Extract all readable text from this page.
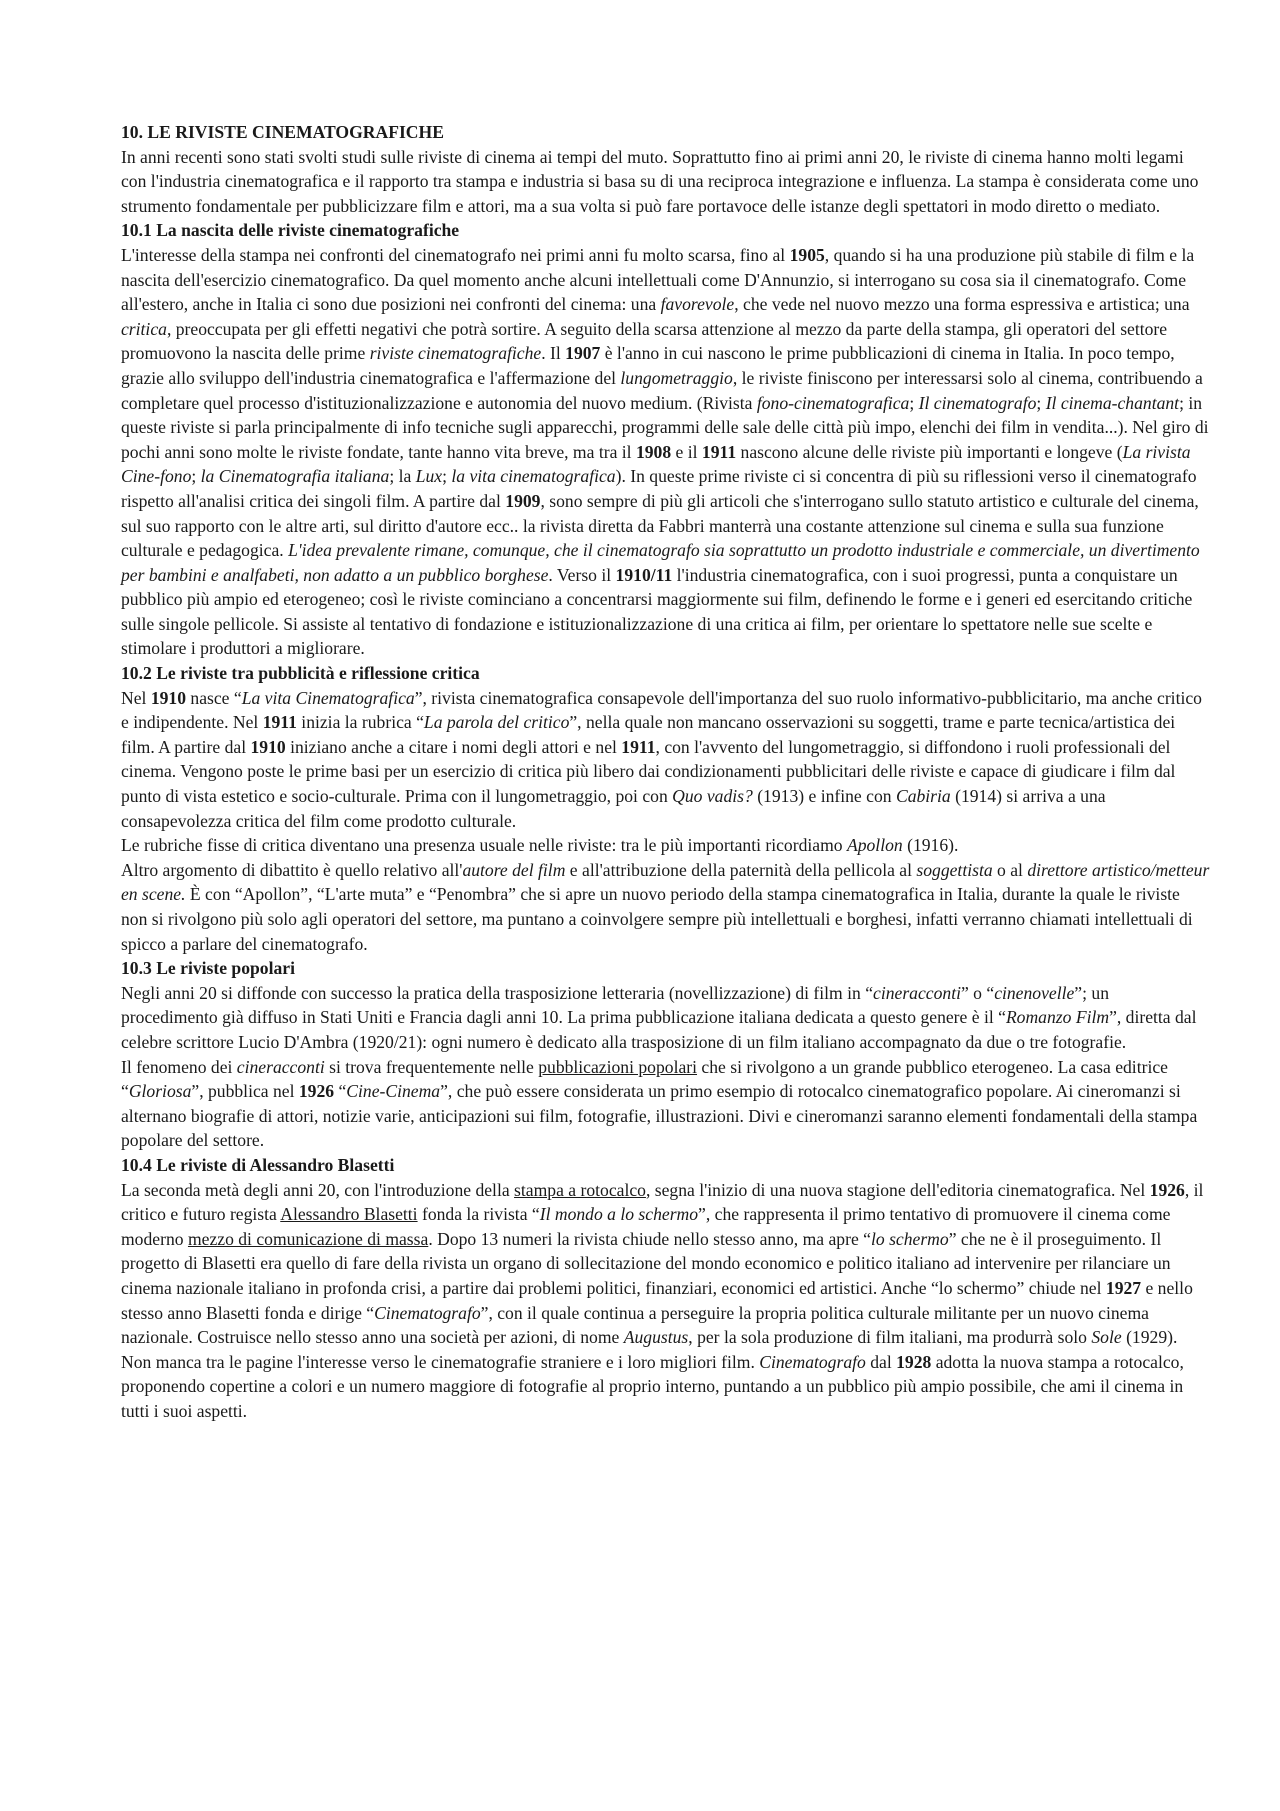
10. LE RIVISTE CINEMATOGRAFICHE

In anni recenti sono stati svolti studi sulle riviste di cinema ai tempi del muto. Soprattutto fino ai primi anni 20, le riviste di cinema hanno molti legami con l'industria cinematografica e il rapporto tra stampa e industria si basa su di una reciproca integrazione e influenza. La stampa è considerata come uno strumento fondamentale per pubblicizzare film e attori, ma a sua volta si può fare portavoce delle istanze degli spettatori in modo diretto o mediato.

10.1 La nascita delle riviste cinematografiche

L'interesse della stampa nei confronti del cinematografo nei primi anni fu molto scarsa, fino al 1905, quando si ha una produzione più stabile di film e la nascita dell'esercizio cinematografico. Da quel momento anche alcuni intellettuali come D'Annunzio, si interrogano su cosa sia il cinematografo. Come all'estero, anche in Italia ci sono due posizioni nei confronti del cinema: una favorevole, che vede nel nuovo mezzo una forma espressiva e artistica; una critica, preoccupata per gli effetti negativi che potrà sortire. A seguito della scarsa attenzione al mezzo da parte della stampa, gli operatori del settore promuovono la nascita delle prime riviste cinematografiche. Il 1907 è l'anno in cui nascono le prime pubblicazioni di cinema in Italia. In poco tempo, grazie allo sviluppo dell'industria cinematografica e l'affermazione del lungometraggio, le riviste finiscono per interessarsi solo al cinema, contribuendo a completare quel processo d'istituzionalizzazione e autonomia del nuovo medium. (Rivista fono-cinematografica; Il cinematografo; Il cinema-chantant; in queste riviste si parla principalmente di info tecniche sugli apparecchi, programmi delle sale delle città più impo, elenchi dei film in vendita...). Nel giro di pochi anni sono molte le riviste fondate, tante hanno vita breve, ma tra il 1908 e il 1911 nascono alcune delle riviste più importanti e longeve (La rivista Cine-fono; la Cinematografia italiana; la Lux; la vita cinematografica). In queste prime riviste ci si concentra di più su riflessioni verso il cinematografo rispetto all'analisi critica dei singoli film. A partire dal 1909, sono sempre di più gli articoli che s'interrogano sullo statuto artistico e culturale del cinema, sul suo rapporto con le altre arti, sul diritto d'autore ecc.. la rivista diretta da Fabbri manterrà una costante attenzione sul cinema e sulla sua funzione culturale e pedagogica. L'idea prevalente rimane, comunque, che il cinematografo sia soprattutto un prodotto industriale e commerciale, un divertimento per bambini e analfabeti, non adatto a un pubblico borghese. Verso il 1910/11 l'industria cinematografica, con i suoi progressi, punta a conquistare un pubblico più ampio ed eterogeneo; così le riviste cominciano a concentrarsi maggiormente sui film, definendo le forme e i generi ed esercitando critiche sulle singole pellicole. Si assiste al tentativo di fondazione e istituzionalizzazione di una critica ai film, per orientare lo spettatore nelle sue scelte e stimolare i produttori a migliorare.

10.2 Le riviste tra pubblicità e riflessione critica

Nel 1910 nasce “La vita Cinematografica”, rivista cinematografica consapevole dell'importanza del suo ruolo informativo-pubblicitario, ma anche critico e indipendente. Nel 1911 inizia la rubrica “La parola del critico”, nella quale non mancano osservazioni su soggetti, trame e parte tecnica/artistica dei film. A partire dal 1910 iniziano anche a citare i nomi degli attori e nel 1911, con l'avvento del lungometraggio, si diffondono i ruoli professionali del cinema. Vengono poste le prime basi per un esercizio di critica più libero dai condizionamenti pubblicitari delle riviste e capace di giudicare i film dal punto di vista estetico e socio-culturale. Prima con il lungometraggio, poi con Quo vadis? (1913) e infine con Cabiria (1914) si arriva a una consapevolezza critica del film come prodotto culturale.

Le rubriche fisse di critica diventano una presenza usuale nelle riviste: tra le più importanti ricordiamo Apollon (1916).

Altro argomento di dibattito è quello relativo all'autore del film e all'attribuzione della paternità della pellicola al soggettista o al direttore artistico/metteur en scene. È con “Apollon”, “L'arte muta” e “Penombra” che si apre un nuovo periodo della stampa cinematografica in Italia, durante la quale le riviste non si rivolgono più solo agli operatori del settore, ma puntano a coinvolgere sempre più intellettuali e borghesi, infatti verranno chiamati intellettuali di spicco a parlare del cinematografo.

10.3 Le riviste popolari

Negli anni 20 si diffonde con successo la pratica della trasposizione letteraria (novellizzazione) di film in “cineracconti” o “cinenovelle”; un procedimento già diffuso in Stati Uniti e Francia dagli anni 10. La prima pubblicazione italiana dedicata a questo genere è il “Romanzo Film”, diretta dal celebre scrittore Lucio D'Ambra (1920/21): ogni numero è dedicato alla trasposizione di un film italiano accompagnato da due o tre fotografie.

Il fenomeno dei cineracconti si trova frequentemente nelle pubblicazioni popolari che si rivolgono a un grande pubblico eterogeneo. La casa editrice “Gloriosa”, pubblica nel 1926 “Cine-Cinema”, che può essere considerata un primo esempio di rotocalco cinematografico popolare. Ai cineromanzi si alternano biografie di attori, notizie varie, anticipazioni sui film, fotografie, illustrazioni. Divi e cineromanzi saranno elementi fondamentali della stampa popolare del settore.

10.4 Le riviste di Alessandro Blasetti

La seconda metà degli anni 20, con l'introduzione della stampa a rotocalco, segna l'inizio di una nuova stagione dell'editoria cinematografica. Nel 1926, il critico e futuro regista Alessandro Blasetti fonda la rivista “Il mondo a lo schermo”, che rappresenta il primo tentativo di promuovere il cinema come moderno mezzo di comunicazione di massa. Dopo 13 numeri la rivista chiude nello stesso anno, ma apre “lo schermo” che ne è il proseguimento. Il progetto di Blasetti era quello di fare della rivista un organo di sollecitazione del mondo economico e politico italiano ad intervenire per rilanciare un cinema nazionale italiano in profonda crisi, a partire dai problemi politici, finanziari, economici ed artistici. Anche “lo schermo” chiude nel 1927 e nello stesso anno Blasetti fonda e dirige “Cinematografo”, con il quale continua a perseguire la propria politica culturale militante per un nuovo cinema nazionale. Costruisce nello stesso anno una società per azioni, di nome Augustus, per la sola produzione di film italiani, ma produrrà solo Sole (1929). Non manca tra le pagine l'interesse verso le cinematografie straniere e i loro migliori film. Cinematografo dal 1928 adotta la nuova stampa a rotocalco, proponendo copertine a colori e un numero maggiore di fotografie al proprio interno, puntando a un pubblico più ampio possibile, che ami il cinema in tutti i suoi aspetti.
